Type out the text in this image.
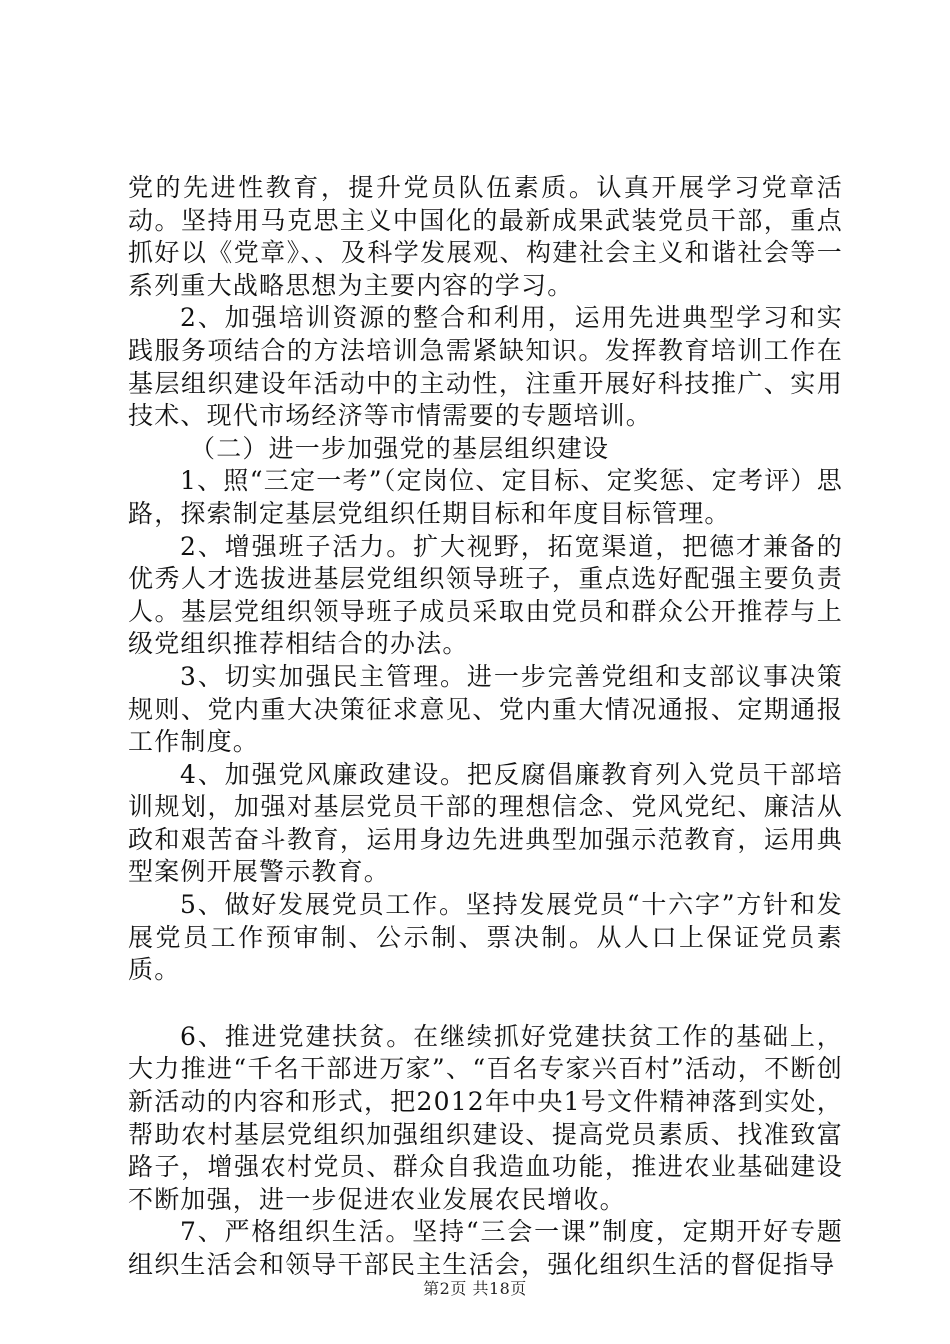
党的先进性教育，提升党员队伍素质。认真开展学习党章活动。坚持用马克思主义中国化的最新成果武装党员干部，重点抓好以《党章》、、及科学发展观、构建社会主义和谐社会等一系列重大战略思想为主要内容的学习。

2、加强培训资源的整合和利用，运用先进典型学习和实践服务项结合的方法培训急需紧缺知识。发挥教育培训工作在基层组织建设年活动中的主动性，注重开展好科技推广、实用技术、现代市场经济等市情需要的专题培训。

（二）进一步加强党的基层组织建设

1、照“三定一考”（定岗位、定目标、定奖惩、定考评）思路，探索制定基层党组织任期目标和年度目标管理。

2、增强班子活力。扩大视野，拓宽渠道，把德才兼备的优秀人才选拔进基层党组织领导班子，重点选好配强主要负责人。基层党组织领导班子成员采取由党员和群众公开推荐与上级党组织推荐相结合的办法。

3、切实加强民主管理。进一步完善党组和支部议事决策规则、党内重大决策征求意见、党内重大情况通报、定期通报工作制度。

4、加强党风廉政建设。把反腐倡廉教育列入党员干部培训规划，加强对基层党员干部的理想信念、党风党纪、廉洁从政和艰苦奋斗教育，运用身边先进典型加强示范教育，运用典型案例开展警示教育。

5、做好发展党员工作。坚持发展党员“十六字”方针和发展党员工作预审制、公示制、票决制。从人口上保证党员素质。

6、推进党建扶贫。在继续抓好党建扶贫工作的基础上，大力推进“千名干部进万家”、“百名专家兴百村”活动，不断创新活动的内容和形式，把2012年中央1号文件精神落到实处，帮助农村基层党组织加强组织建设、提高党员素质、找准致富路子，增强农村党员、群众自我造血功能，推进农业基础建设不断加强，进一步促进农业发展农民增收。

7、严格组织生活。坚持“三会一课”制度，定期开好专题组织生活会和领导干部民主生活会，强化组织生活的督促指导

第2页 共18页
